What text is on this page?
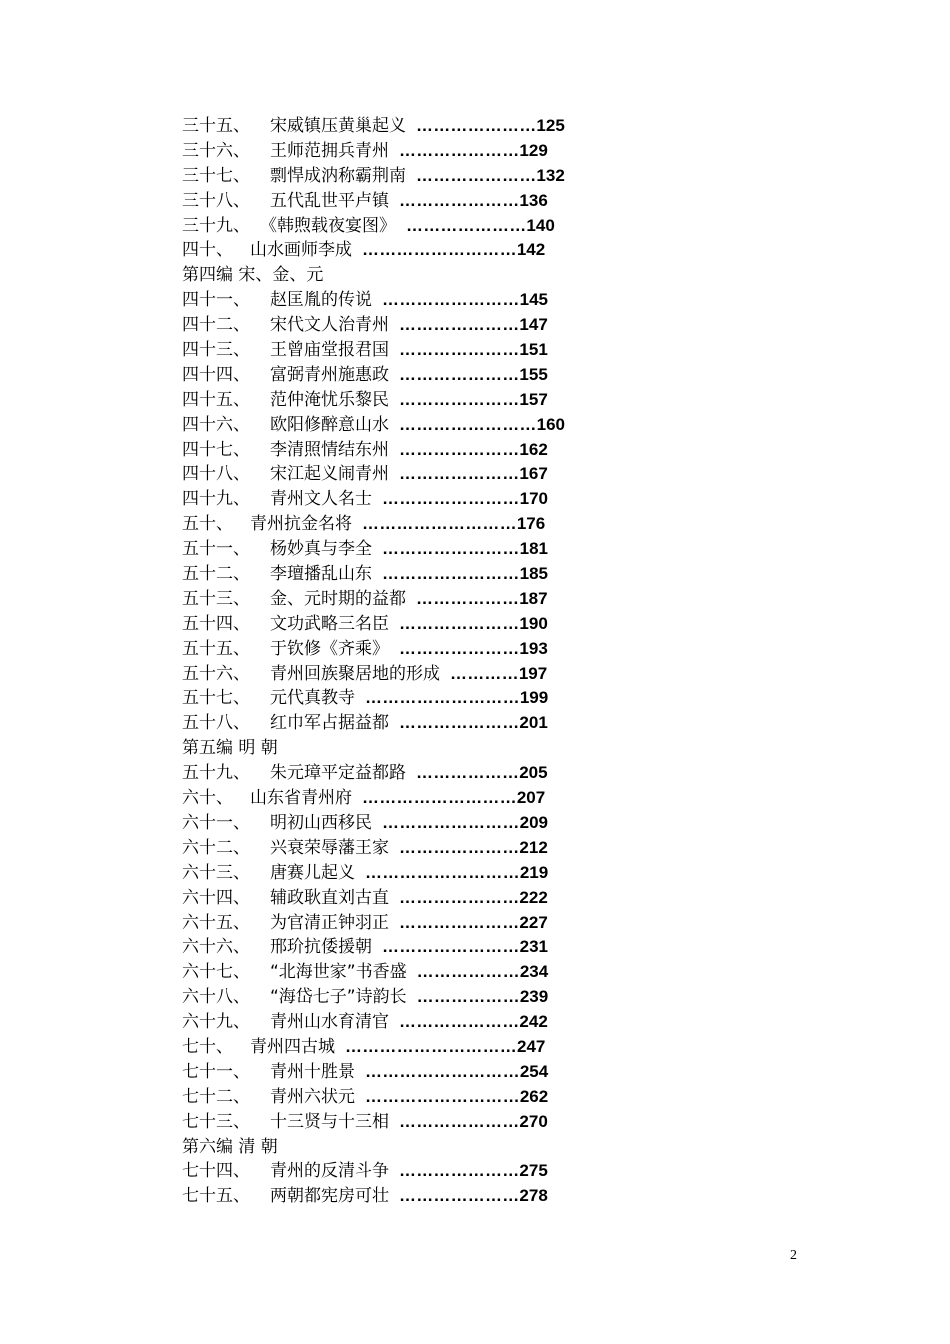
三十五、 宋威镇压黄巢起义 …………………125
三十六、 王师范拥兵青州 …………………129
三十七、 剽悍成汭称霸荆南 …………………132
三十八、 五代乱世平卢镇 …………………136
三十九、 《韩煦载夜宴图》 …………………140
四十、 山水画师李成 ………………………142
第四编 宋、金、元
四十一、 赵匡胤的传说 ……………………145
四十二、 宋代文人治青州 …………………147
四十三、 王曾庙堂报君国 …………………151
四十四、 富弼青州施惠政 …………………155
四十五、 范仲淹忧乐黎民 …………………157
四十六、 欧阳修醉意山水 ……………………160
四十七、 李清照情结东州 …………………162
四十八、 宋江起义闹青州 …………………167
四十九、 青州文人名士 ……………………170
五十、 青州抗金名将 ………………………176
五十一、 杨妙真与李全 ……………………181
五十二、 李璮播乱山东 ……………………185
五十三、 金、元时期的益都 ………………187
五十四、 文功武略三名臣 …………………190
五十五、 于钦修《齐乘》 …………………193
五十六、 青州回族聚居地的形成 …………197
五十七、 元代真教寺 ………………………199
五十八、 红巾军占据益都 …………………201
第五编 明 朝
五十九、 朱元璋平定益都路 ………………205
六十、 山东省青州府 ………………………207
六十一、 明初山西移民 ……………………209
六十二、 兴衰荣辱藩王家 …………………212
六十三、 唐赛儿起义 ………………………219
六十四、 辅政耿直刘古直 …………………222
六十五、 为官清正钟羽正 …………………227
六十六、 邢玠抗倭援朝 ……………………231
六十七、 “北海世家”书香盛 ………………234
六十八、 “海岱七子”诗韵长 ………………239
六十九、 青州山水育清官 …………………242
七十、 青州四古城 …………………………247
七十一、 青州十胜景 ………………………254
七十二、 青州六状元 ………………………262
七十三、 十三贤与十三相 …………………270
第六编 清 朝
七十四、 青州的反清斗争 …………………275
七十五、 两朝都宪房可壮 …………………278
2
